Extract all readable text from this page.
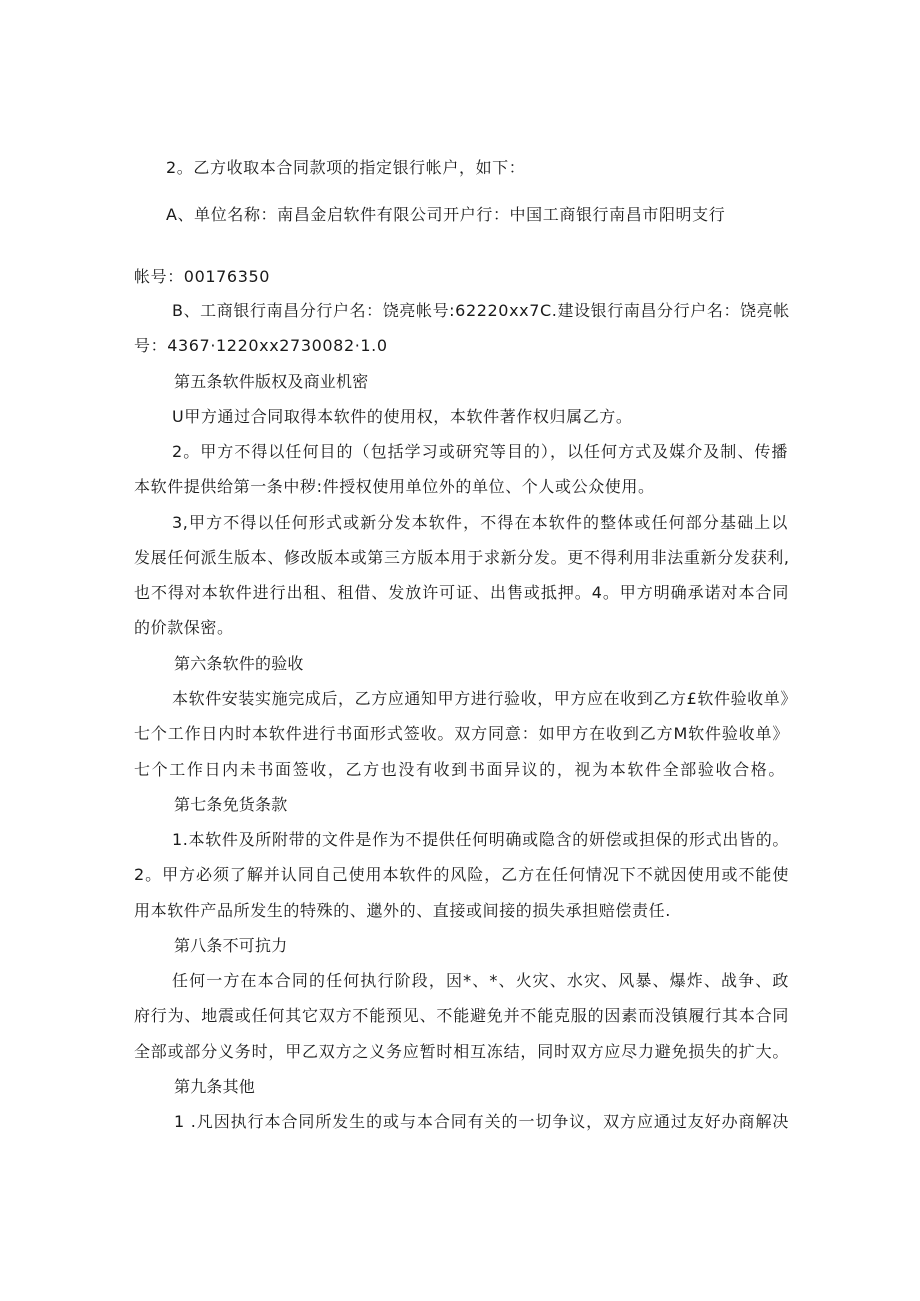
2。乙方收取本合同款项的指定银行帐户，如下：
A、单位名称：南昌金启软件有限公司开户行：中国工商银行南昌市阳明支行
帐号：00176350
B、工商银行南昌分行户名：饶亮帐号:62220xx7C.建设银行南昌分行户名：饶亮帐
号：4367·1220xx2730082·1.0
第五条软件版权及商业机密
U甲方通过合同取得本软件的使用权，本软件著作权归属乙方。
2。甲方不得以任何目的（包括学习或研究等目的），以任何方式及媒介及制、传播
本软件提供给第一条中秽:件授权使用单位外的单位、个人或公众使用。
3,甲方不得以任何形式或新分发本软件，不得在本软件的整体或任何部分基础上以
发展任何派生版本、修改版本或第三方版本用于求新分发。更不得利用非法重新分发获利,
也不得对本软件进行出租、租借、发放许可证、出售或抵押。4。甲方明确承诺对本合同
的价款保密。
第六条软件的验收
本软件安装实施完成后，乙方应通知甲方进行验收，甲方应在收到乙方£软件验收单》
七个工作日内时本软件进行书面形式签收。双方同意：如甲方在收到乙方M软件验收单》
七个工作日内未书面签收，乙方也没有收到书面异议的，视为本软件全部验收合格。
第七条免货条款
1.本软件及所附带的文件是作为不提供任何明确或隐含的妍偿或担保的形式出皆的。
2。甲方必须了解并认同自己使用本软件的风险，乙方在任何情况下不就因使用或不能使
用本软件产品所发生的特殊的、邋外的、直接或间接的损失承担赔偿责任.
第八条不可抗力
任何一方在本合同的任何执行阶段，因*、*、火灾、水灾、风暴、爆炸、战争、政
府行为、地震或任何其它双方不能预见、不能避免并不能克服的因素而没镇履行其本合同
全部或部分义务时，甲乙双方之义务应暂时相互冻结，同时双方应尽力避免损失的扩大。
第九条其他
1 .凡因执行本合同所发生的或与本合同有关的一切争议，双方应通过友好办商解决
